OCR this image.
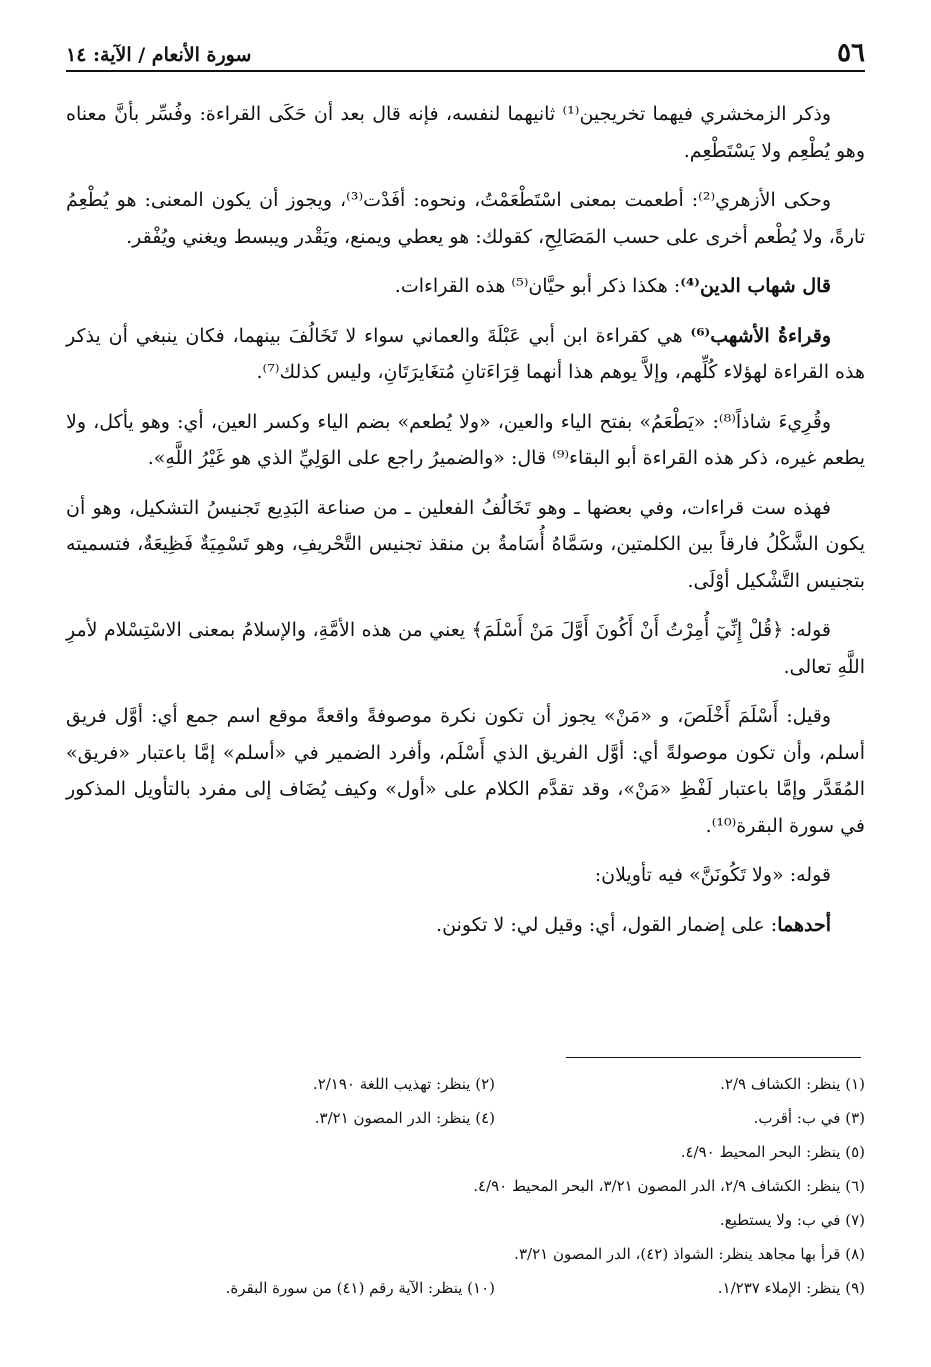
٥٦
سورة الأنعام / الآية: ١٤

وذكر الزمخشري فيهما تخريجين⁽¹⁾ ثانيهما لنفسه، فإنه قال بعد أن حَكَى القراءة: وفُسِّر بأنَّ معناه وهو يُطْعِم ولا يَسْتَطْعِم.

وحكى الأزهري⁽²⁾: أطعمت بمعنى اسْتَطْعَمْتُ، ونحوه: أفَدْت⁽³⁾، ويجوز أن يكون المعنى: هو يُطْعِمُ تارةً، ولا يُطْعم أخرى على حسب المَصَالِحِ، كقولك: هو يعطي ويمنع، ويَقْدر ويبسط ويغني ويُفْقر.

قال شهاب الدين⁽⁴⁾: هكذا ذكر أبو حيَّان⁽⁵⁾ هذه القراءات.

وقراءةُ الأشهب⁽⁶⁾ هي كقراءة ابن أبي عَبْلَةَ والعماني سواء لا تَخَالُفَ بينهما، فكان ينبغي أن يذكر هذه القراءة لهؤلاء كُلِّهم، وإلاَّ يوهم هذا أنهما قِرَاءَتانِ مُتغَايرَتَانِ، وليس كذلك⁽⁷⁾.

وقُرِيءَ شاذاً⁽⁸⁾: «يَطْعَمُ» بفتح الياء والعين، «ولا يُطعم» بضم الياء وكسر العين، أي: وهو يأكل، ولا يطعم غيره، ذكر هذه القراءة أبو البقاء⁽⁹⁾ قال: «والضميرُ راجع على الوَلِيِّ الذي هو غَيْرُ اللَّهِ».

فهذه ست قراءات، وفي بعضها ـ وهو تَخَالُفُ الفعلين ـ من صناعة البَدِيع تَجنيسُ التشكيل، وهو أن يكون الشَّكْلُ فارقاً بين الكلمتين، وسَمَّاهُ أُسَامةُ بن منقذ تجنيس التَّحْريفِ، وهو تَسْمِيَةٌ فَظِيعَةٌ، فتسميته بتجنيس التَّشْكيل أوْلَى.

قوله: ﴿قُلْ إِنِّيٓ أُمِرْتُ أَنْ أَكُونَ أَوَّلَ مَنْ أَسْلَمَ﴾ يعني من هذه الأمَّةِ، والإسلامُ بمعنى الاسْتِسْلام لأمرِ اللَّهِ تعالى.

وقيل: أَسْلَمَ أَخْلَصَ، و «مَنْ» يجوز أن تكون نكرة موصوفةً واقعةً موقع اسم جمع أي: أوَّل فريق أسلم، وأن تكون موصولةً أي: أوَّل الفريق الذي أَسْلَم، وأفرد الضمير في «أسلم» إمَّا باعتبار «فريق» المُقَدَّر وإمَّا باعتبار لَفْظِ «مَنْ»، وقد تقدَّم الكلام على «أول» وكيف يُضَاف إلى مفرد بالتأويل المذكور في سورة البقرة⁽¹⁰⁾.

قوله: «ولا تَكُونَنَّ» فيه تأويلان:

أحدهما: على إضمار القول، أي: وقيل لي: لا تكونن.

(١) ينظر: الكشاف ٢/٩.
(٢) ينظر: تهذيب اللغة ٢/١٩٠.
(٣) في ب: أقرب.
(٤) ينظر: الدر المصون ٣/٢١.
(٥) ينظر: البحر المحيط ٤/٩٠.
(٦) ينظر: الكشاف ٢/٩، الدر المصون ٣/٢١، البحر المحيط ٤/٩٠.
(٧) في ب: ولا يستطيع.
(٨) قرأ بها مجاهد ينظر: الشواذ (٤٢)، الدر المصون ٣/٢١.
(٩) ينظر: الإملاء ١/٢٣٧.
(١٠) ينظر: الآية رقم (٤١) من سورة البقرة.
